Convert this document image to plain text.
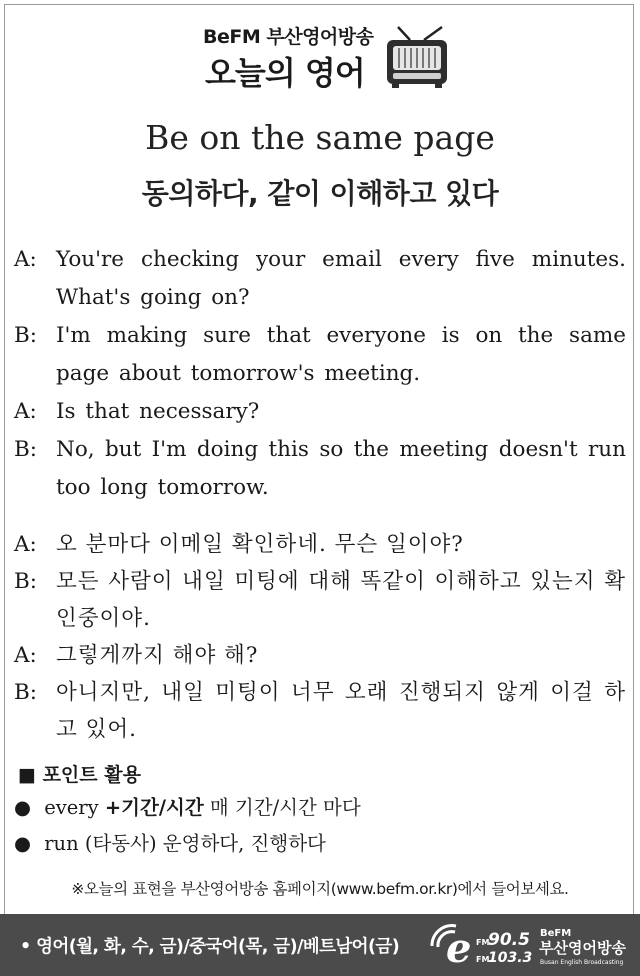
BeFM 부산영어방송
오늘의 영어
Be on the same page
동의하다, 같이 이해하고 있다
A: You're checking your email every five minutes. What's going on?
B: I'm making sure that everyone is on the same page about tomorrow's meeting.
A: Is that necessary?
B: No, but I'm doing this so the meeting doesn't run too long tomorrow.
A: 오 분마다 이메일 확인하네. 무슨 일이야?
B: 모든 사람이 내일 미팅에 대해 똑같이 이해하고 있는지 확인중이야.
A: 그렇게까지 해야 해?
B: 아니지만, 내일 미팅이 너무 오래 진행되지 않게 이걸 하고 있어.
■ 포인트 활용
● every +기간/시간 매 기간/시간 마다
● run (타동사) 운영하다, 진행하다
※오늘의 표현을 부산영어방송 홈페이지(www.befm.or.kr)에서 들어보세요.
• 영어(월, 화, 수, 금)/중국어(목, 금)/베트남어(금) e FM
90.5
FM
103.3
BeFM
부산영어방송
Busan English Broadcasting
